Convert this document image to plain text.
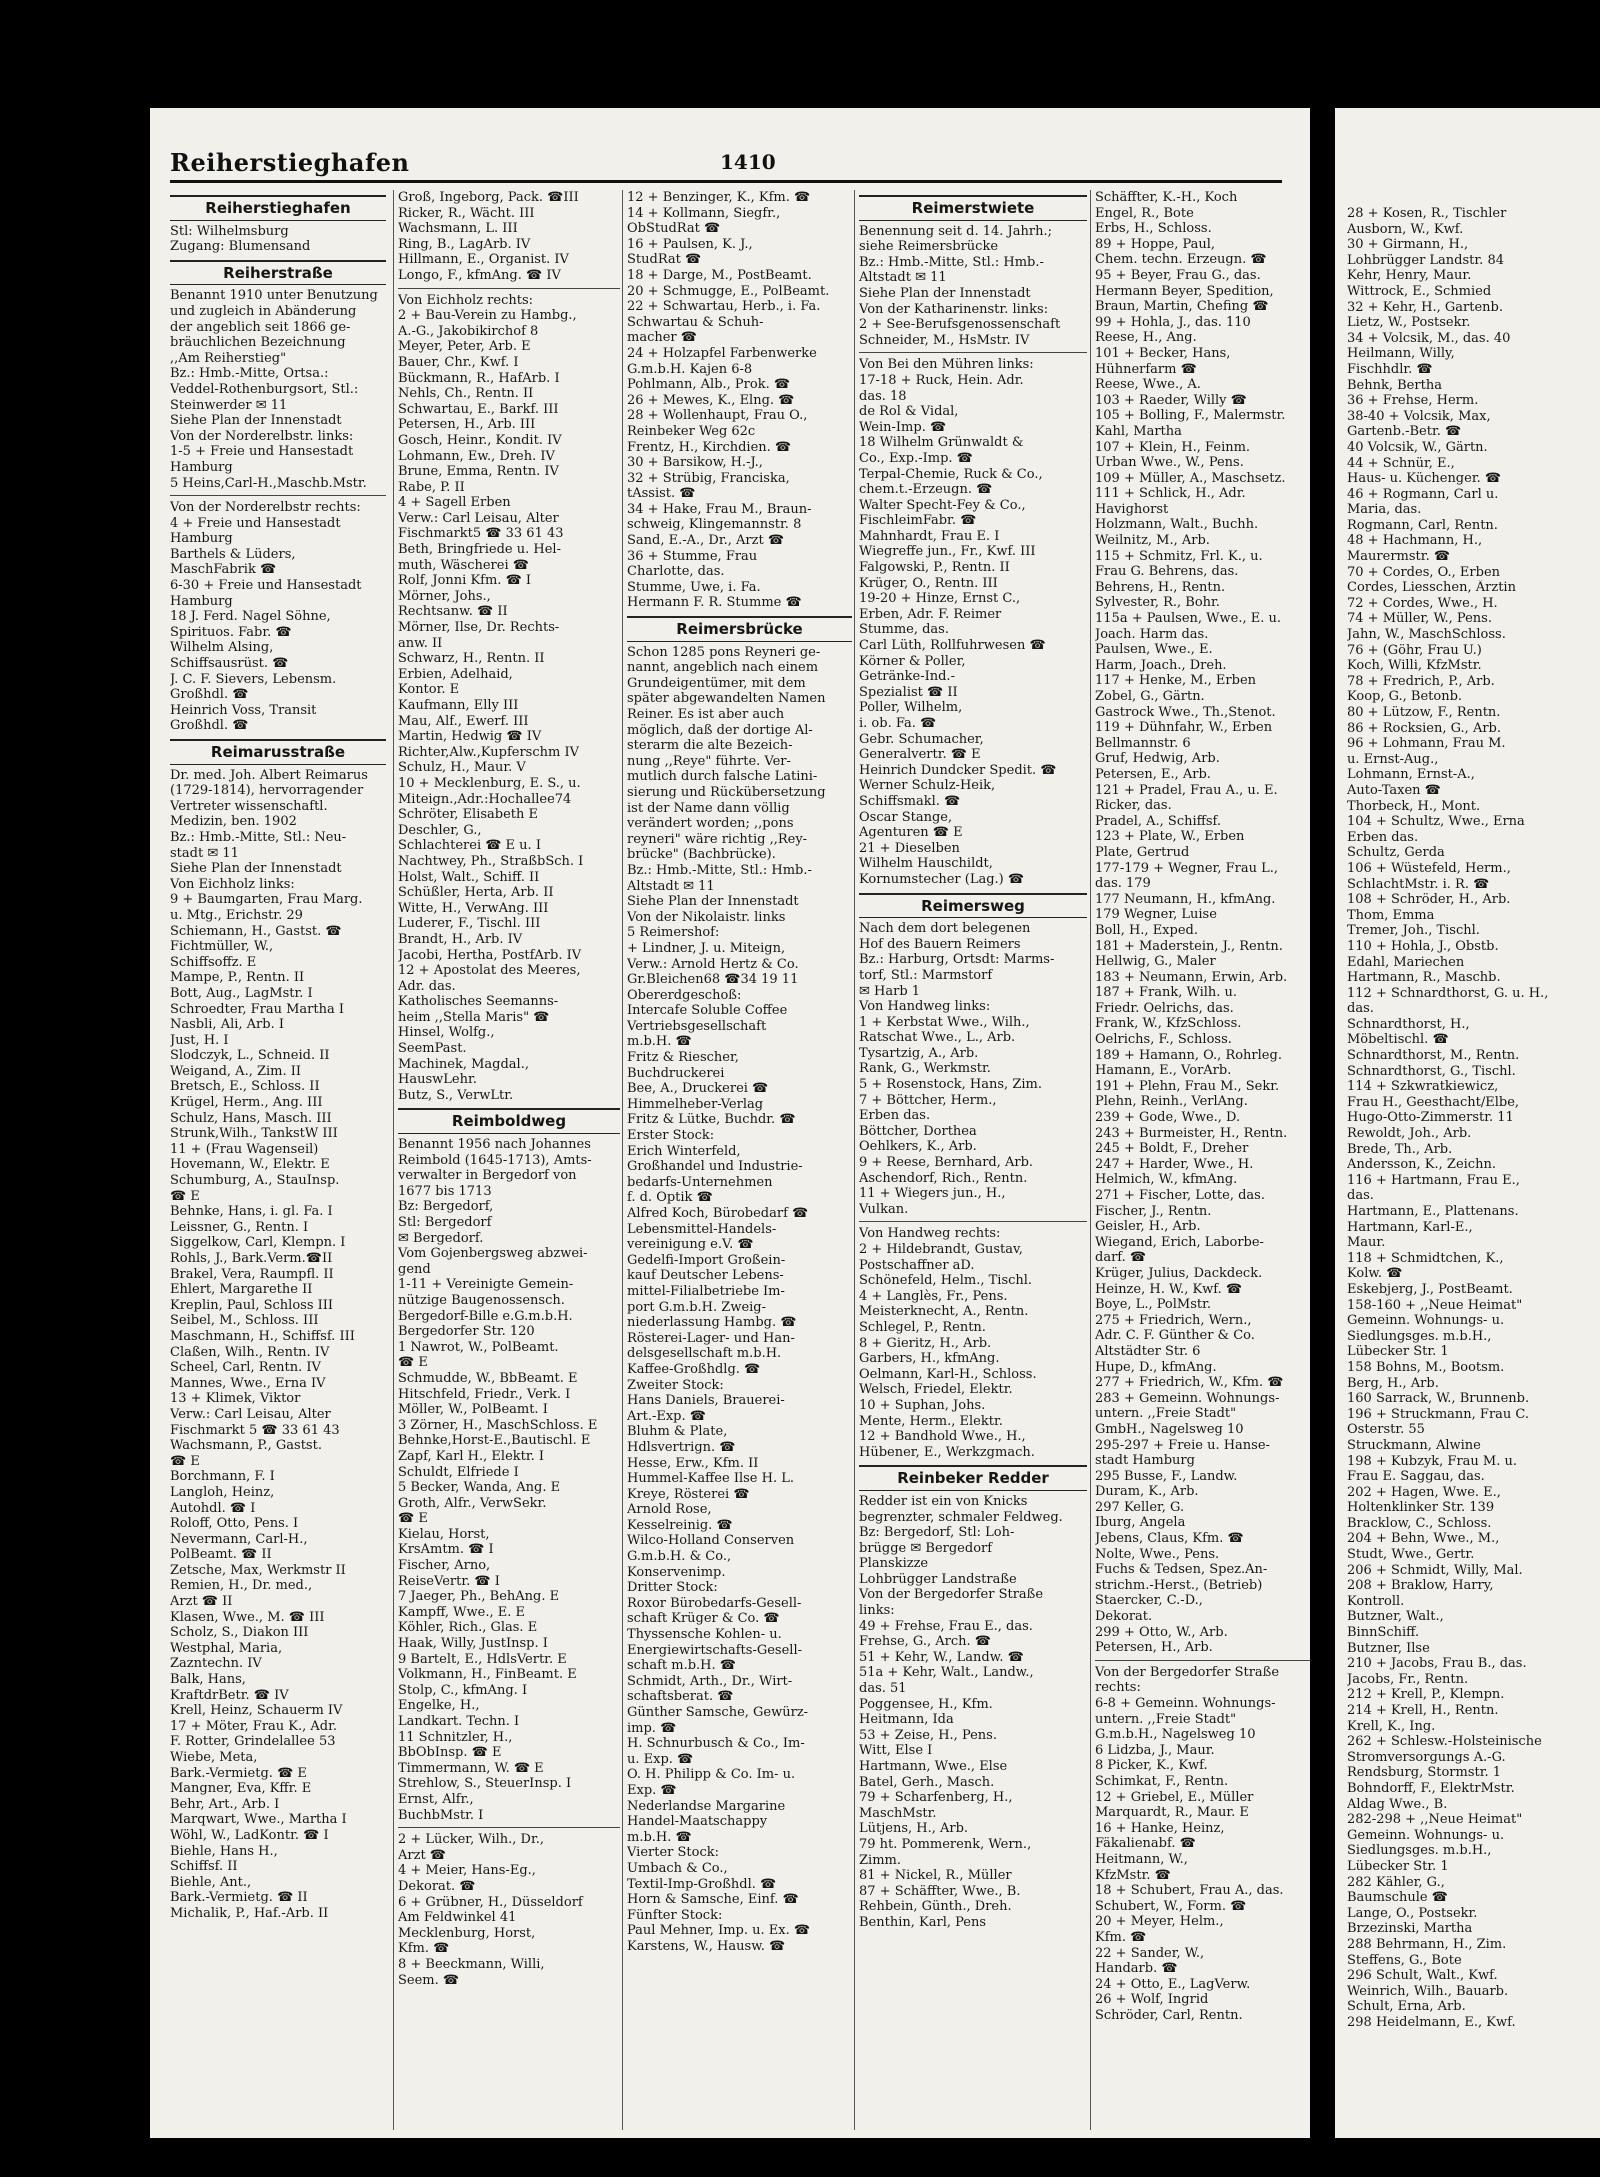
Reiherstieghafen	1410
Reiherstieghafen
Stl: Wilhelmsburg
Zugang: Blumensand
Reiherstraße
Benannt 1910 unter Benutzung
und zugleich in Abänderung
der angeblich seit 1866 ge-
bräuchlichen Bezeichnung
,,Am Reiherstieg"
Bz.: Hmb.-Mitte, Ortsa.:
Veddel-Rothenburgsort, Stl.:
Steinwerder ✉ 11
Siehe Plan der Innenstadt
Von der Norderelbstr. links:
1-5 + Freie und Hansestadt
Hamburg
5 Heins,Carl-H.,Maschb.Mstr.
Von der Norderelbstr rechts:
4 + Freie und Hansestadt
Hamburg
Barthels & Lüders,
MaschFabrik ☎
6-30 + Freie und Hansestadt
Hamburg
18 J. Ferd. Nagel Söhne,
Spirituos. Fabr. ☎
Wilhelm Alsing,
Schiffsausrüst. ☎
J. C. F. Sievers, Lebensm.
Großhdl. ☎
Heinrich Voss, Transit
Großhdl. ☎
Reimarusstraße
Dr. med. Joh. Albert Reimarus
(1729-1814), hervorragender
Vertreter wissenschaftl.
Medizin, ben. 1902
Bz.: Hmb.-Mitte, Stl.: Neu-
stadt ✉ 11
Siehe Plan der Innenstadt
Von Eichholz links:
9 + Baumgarten, Frau Marg.
u. Mtg., Erichstr. 29
Schiemann, H., Gastst. ☎
Fichtmüller, W.,
Schiffsoffz. E
Mampe, P., Rentn. II
Bott, Aug., LagMstr. I
Schroedter, Frau Martha I
Nasbli, Ali, Arb. I
Just, H. I
Slodczyk, L., Schneid. II
Weigand, A., Zim. II
Bretsch, E., Schloss. II
Krügel, Herm., Ang. III
Schulz, Hans, Masch. III
Strunk,Wilh., TankstW III
11 + (Frau Wagenseil)
Hovemann, W., Elektr. E
Schumburg, A., StauInsp.
☎ E
Behnke, Hans, i. gl. Fa. I
Leissner, G., Rentn. I
Siggelkow, Carl, Klempn. I
Rohls, J., Bark.Verm.☎II
Brakel, Vera, Raumpfl. II
Ehlert, Margarethe II
Kreplin, Paul, Schloss III
Seibel, M., Schloss. III
Maschmann, H., Schiffsf. III
Claßen, Wilh., Rentn. IV
Scheel, Carl, Rentn. IV
Mannes, Wwe., Erna IV
13 + Klimek, Viktor
Verw.: Carl Leisau, Alter
Fischmarkt 5 ☎ 33 61 43
Wachsmann, P., Gastst.
☎ E
Borchmann, F. I
Langloh, Heinz,
Autohdl. ☎ I
Roloff, Otto, Pens. I
Nevermann, Carl-H.,
PolBeamt. ☎ II
Zetsche, Max, Werkmstr II
Remien, H., Dr. med.,
Arzt ☎ II
Klasen, Wwe., M. ☎ III
Scholz, S., Diakon III
Westphal, Maria,
Zazntechn. IV
Balk, Hans,
KraftdrBetr. ☎ IV
Krell, Heinz, Schauerm IV
17 + Möter, Frau K., Adr.
F. Rotter, Grindelallee 53
Wiebe, Meta,
Bark.-Vermietg. ☎ E
Mangner, Eva, Kffr. E
Behr, Art., Arb. I
Marqwart, Wwe., Martha I
Wöhl, W., LadKontr. ☎ I
Biehle, Hans H.,
Schiffsf. II
Biehle, Ant.,
Bark.-Vermietg. ☎ II
Michalik, P., Haf.-Arb. II
Groß, Ingeborg, Pack. ☎III
Ricker, R., Wächt. III
Wachsmann, L. III
Ring, B., LagArb. IV
Hillmann, E., Organist. IV
Longo, F., kfmAng. ☎ IV
Von Eichholz rechts:
2 + Bau-Verein zu Hambg.,
A.-G., Jakobikirchof 8
Meyer, Peter, Arb. E
Bauer, Chr., Kwf. I
Bückmann, R., HafArb. I
Nehls, Ch., Rentn. II
Schwartau, E., Barkf. III
Petersen, H., Arb. III
Gosch, Heinr., Kondit. IV
Lohmann, Ew., Dreh. IV
Brune, Emma, Rentn. IV
Rabe, P. II
4 + Sagell Erben
Verw.: Carl Leisau, Alter
Fischmarkt5 ☎ 33 61 43
Beth, Bringfriede u. Hel-
muth, Wäscherei ☎
Rolf, Jonni Kfm. ☎ I
Mörner, Johs.,
Rechtsanw. ☎ II
Mörner, Ilse, Dr. Rechts-
anw. II
Schwarz, H., Rentn. II
Erbien, Adelhaid,
Kontor. E
Kaufmann, Elly III
Mau, Alf., Ewerf. III
Martin, Hedwig ☎ IV
Richter,Alw.,Kupferschm IV
Schulz, H., Maur. V
10 + Mecklenburg, E. S., u.
Miteign.,Adr.:Hochallee74
Schröter, Elisabeth E
Deschler, G.,
Schlachterei ☎ E u. I
Nachtwey, Ph., StraßbSch. I
Holst, Walt., Schiff. II
Schüßler, Herta, Arb. II
Witte, H., VerwAng. III
Luderer, F., Tischl. III
Brandt, H., Arb. IV
Jacobi, Hertha, PostfArb. IV
12 + Apostolat des Meeres,
Adr. das.
Katholisches Seemanns-
heim ,,Stella Maris" ☎
Hinsel, Wolfg.,
SeemPast.
Machinek, Magdal.,
HauswLehr.
Butz, S., VerwLtr.
Reimboldweg
Benannt 1956 nach Johannes
Reimbold (1645-1713), Amts-
verwalter in Bergedorf von
1677 bis 1713
Bz: Bergedorf,
Stl: Bergedorf
✉ Bergedorf.
Vom Gojenbergsweg abzwei-
gend
1-11 + Vereinigte Gemein-
nützige Baugenossensch.
Bergedorf-Bille e.G.m.b.H.
Bergedorfer Str. 120
1 Nawrot, W., PolBeamt.
☎ E
Schmudde, W., BbBeamt. E
Hitschfeld, Friedr., Verk. I
Möller, W., PolBeamt. I
3 Zörner, H., MaschSchloss. E
Behnke,Horst-E.,Bautischl. E
Zapf, Karl H., Elektr. I
Schuldt, Elfriede I
5 Becker, Wanda, Ang. E
Groth, Alfr., VerwSekr.
☎ E
Kielau, Horst,
KrsAmtm. ☎ I
Fischer, Arno,
ReiseVertr. ☎ I
7 Jaeger, Ph., BehAng. E
Kampff, Wwe., E. E
Köhler, Rich., Glas. E
Haak, Willy, JustInsp. I
9 Bartelt, E., HdlsVertr. E
Volkmann, H., FinBeamt. E
Stolp, C., kfmAng. I
Engelke, H.,
Landkart. Techn. I
11 Schnitzler, H.,
BbObInsp. ☎ E
Timmermann, W. ☎ E
Strehlow, S., SteuerInsp. I
Ernst, Alfr.,
BuchbMstr. I
2 + Lücker, Wilh., Dr.,
Arzt ☎
4 + Meier, Hans-Eg.,
Dekorat. ☎
6 + Grübner, H., Düsseldorf
Am Feldwinkel 41
Mecklenburg, Horst,
Kfm. ☎
8 + Beeckmann, Willi,
Seem. ☎
12 + Benzinger, K., Kfm. ☎
14 + Kollmann, Siegfr.,
ObStudRat ☎
16 + Paulsen, K. J.,
StudRat ☎
18 + Darge, M., PostBeamt.
20 + Schmugge, E., PolBeamt.
22 + Schwartau, Herb., i. Fa.
Schwartau & Schuh-
macher ☎
24 + Holzapfel Farbenwerke
G.m.b.H. Kajen 6-8
Pohlmann, Alb., Prok. ☎
26 + Mewes, K., Elng. ☎
28 + Wollenhaupt, Frau O.,
Reinbeker Weg 62c
Frentz, H., Kirchdien. ☎
30 + Barsikow, H.-J.,
32 + Strübig, Franciska,
tAssist. ☎
34 + Hake, Frau M., Braun-
schweig, Klingemannstr. 8
Sand, E.-A., Dr., Arzt ☎
36 + Stumme, Frau
Charlotte, das.
Stumme, Uwe, i. Fa.
Hermann F. R. Stumme ☎
Reimersbrücke
Schon 1285 pons Reyneri ge-
nannt, angeblich nach einem
Grundeigentümer, mit dem
später abgewandelten Namen
Reiner. Es ist aber auch
möglich, daß der dortige Al-
sterarm die alte Bezeich-
nung ,,Reye" führte. Ver-
mutlich durch falsche Latini-
sierung und Rückübersetzung
ist der Name dann völlig
verändert worden; ,,pons
reyneri" wäre richtig ,,Rey-
brücke" (Bachbrücke).
Bz.: Hmb.-Mitte, Stl.: Hmb.-
Altstadt ✉ 11
Siehe Plan der Innenstadt
Von der Nikolaistr. links
5 Reimershof:
+ Lindner, J. u. Miteign,
Verw.: Arnold Hertz & Co.
Gr.Bleichen68 ☎34 19 11
Obererdgeschoß:
Intercafe Soluble Coffee
Vertriebsgesellschaft
m.b.H. ☎
Fritz & Riescher,
Buchdruckerei
Bee, A., Druckerei ☎
Himmelheber-Verlag
Fritz & Lütke, Buchdr. ☎
Erster Stock:
Erich Winterfeld,
Großhandel und Industrie-
bedarfs-Unternehmen
f. d. Optik ☎
Alfred Koch, Bürobedarf ☎
Lebensmittel-Handels-
vereinigung e.V. ☎
Gedelfi-Import Großein-
kauf Deutscher Lebens-
mittel-Filialbetriebe Im-
port G.m.b.H. Zweig-
niederlassung Hambg. ☎
Rösterei-Lager- und Han-
delsgesellschaft m.b.H.
Kaffee-Großhdlg. ☎
Zweiter Stock:
Hans Daniels, Brauerei-
Art.-Exp. ☎
Bluhm & Plate,
Hdlsvertrign. ☎
Hesse, Erw., Kfm. II
Hummel-Kaffee Ilse H. L.
Kreye, Rösterei ☎
Arnold Rose,
Kesselreinig. ☎
Wilco-Holland Conserven
G.m.b.H. & Co.,
Konservenimp.
Dritter Stock:
Roxor Bürobedarfs-Gesell-
schaft Krüger & Co. ☎
Thyssensche Kohlen- u.
Energiewirtschafts-Gesell-
schaft m.b.H. ☎
Schmidt, Arth., Dr., Wirt-
schaftsberat. ☎
Günther Samsche, Gewürz-
imp. ☎
H. Schnurbusch & Co., Im-
u. Exp. ☎
O. H. Philipp & Co. Im- u.
Exp. ☎
Nederlandse Margarine
Handel-Maatschappy
m.b.H. ☎
Vierter Stock:
Umbach & Co.,
Textil-Imp-Großhdl. ☎
Horn & Samsche, Einf. ☎
Fünfter Stock:
Paul Mehner, Imp. u. Ex. ☎
Karstens, W., Hausw. ☎
Reimerstwiete
Benennung seit d. 14. Jahrh.;
siehe Reimersbrücke
Bz.: Hmb.-Mitte, Stl.: Hmb.-
Altstadt ✉ 11
Siehe Plan der Innenstadt
Von der Katharinenstr. links:
2 + See-Berufsgenossenschaft
Schneider, M., HsMstr. IV
Von Bei den Mühren links:
17-18 + Ruck, Hein. Adr.
das. 18
de Rol & Vidal,
Wein-Imp. ☎
18 Wilhelm Grünwaldt &
Co., Exp.-Imp. ☎
Terpal-Chemie, Ruck & Co.,
chem.t.-Erzeugn. ☎
Walter Specht-Fey & Co.,
FischleimFabr. ☎
Mahnhardt, Frau E. I
Wiegreffe jun., Fr., Kwf. III
Falgowski, P., Rentn. II
Krüger, O., Rentn. III
19-20 + Hinze, Ernst C.,
Erben, Adr. F. Reimer
Stumme, das.
Carl Lüth, Rollfuhrwesen ☎
Körner & Poller,
Getränke-Ind.-
Spezialist ☎ II
Poller, Wilhelm,
i. ob. Fa. ☎
Gebr. Schumacher,
Generalvertr. ☎ E
Heinrich Dundcker Spedit. ☎
Werner Schulz-Heik,
Schiffsmakl. ☎
Oscar Stange,
Agenturen ☎ E
21 + Dieselben
Wilhelm Hauschildt,
Kornumstecher (Lag.) ☎
Reimersweg
Nach dem dort belegenen
Hof des Bauern Reimers
Bz.: Harburg, Ortsdt: Marms-
torf, Stl.: Marmstorf
✉ Harb 1
Von Handweg links:
1 + Kerbstat Wwe., Wilh.,
Ratschat Wwe., L., Arb.
Tysartzig, A., Arb.
Rank, G., Werkmstr.
5 + Rosenstock, Hans, Zim.
7 + Böttcher, Herm.,
Erben das.
Böttcher, Dorthea
Oehlkers, K., Arb.
9 + Reese, Bernhard, Arb.
Aschendorf, Rich., Rentn.
11 + Wiegers jun., H.,
Vulkan.
Von Handweg rechts:
2 + Hildebrandt, Gustav,
Postschaffner aD.
Schönefeld, Helm., Tischl.
4 + Langlès, Fr., Pens.
Meisterknecht, A., Rentn.
Schlegel, P., Rentn.
8 + Gieritz, H., Arb.
Garbers, H., kfmAng.
Oelmann, Karl-H., Schloss.
Welsch, Friedel, Elektr.
10 + Suphan, Johs.
Mente, Herm., Elektr.
12 + Bandhold Wwe., H.,
Hübener, E., Werkzgmach.
Reinbeker Redder
Redder ist ein von Knicks
begrenzter, schmaler Feldweg.
Bz: Bergedorf, Stl: Loh-
brügge ✉ Bergedorf
Planskizze
Lohbrügger Landstraße
Von der Bergedorfer Straße
links:
49 + Frehse, Frau E., das.
Frehse, G., Arch. ☎
51 + Kehr, W., Landw. ☎
51a + Kehr, Walt., Landw.,
das. 51
Poggensee, H., Kfm.
Heitmann, Ida
53 + Zeise, H., Pens.
Witt, Else I
Hartmann, Wwe., Else
Batel, Gerh., Masch.
79 + Scharfenberg, H.,
MaschMstr.
Lütjens, H., Arb.
79 ht. Pommerenk, Wern.,
Zimm.
81 + Nickel, R., Müller
87 + Schäffter, Wwe., B.
Rehbein, Günth., Dreh.
Benthin, Karl, Pens
Schäffter, K.-H., Koch
Engel, R., Bote
Erbs, H., Schloss.
89 + Hoppe, Paul,
Chem. techn. Erzeugn. ☎
95 + Beyer, Frau G., das.
Hermann Beyer, Spedition,
Braun, Martin, Chefing ☎
99 + Hohla, J., das. 110
Reese, H., Ang.
101 + Becker, Hans,
Hühnerfarm ☎
Reese, Wwe., A.
103 + Raeder, Willy ☎
105 + Bolling, F., Malermstr.
Kahl, Martha
107 + Klein, H., Feinm.
Urban Wwe., W., Pens.
109 + Müller, A., Maschsetz.
111 + Schlick, H., Adr.
Havighorst
Holzmann, Walt., Buchh.
Weilnitz, M., Arb.
115 + Schmitz, Frl. K., u.
Frau G. Behrens, das.
Behrens, H., Rentn.
Sylvester, R., Bohr.
115a + Paulsen, Wwe., E. u.
Joach. Harm das.
Paulsen, Wwe., E.
Harm, Joach., Dreh.
117 + Henke, M., Erben
Zobel, G., Gärtn.
Gastrock Wwe., Th.,Stenot.
119 + Dühnfahr, W., Erben
Bellmannstr. 6
Gruf, Hedwig, Arb.
Petersen, E., Arb.
121 + Pradel, Frau A., u. E.
Ricker, das.
Pradel, A., Schiffsf.
123 + Plate, W., Erben
Plate, Gertrud
177-179 + Wegner, Frau L.,
das. 179
177 Neumann, H., kfmAng.
179 Wegner, Luise
Boll, H., Exped.
181 + Maderstein, J., Rentn.
Hellwig, G., Maler
183 + Neumann, Erwin, Arb.
187 + Frank, Wilh. u.
Friedr. Oelrichs, das.
Frank, W., KfzSchloss.
Oelrichs, F., Schloss.
189 + Hamann, O., Rohrleg.
Hamann, E., VorArb.
191 + Plehn, Frau M., Sekr.
Plehn, Reinh., VerlAng.
239 + Gode, Wwe., D.
243 + Burmeister, H., Rentn.
245 + Boldt, F., Dreher
247 + Harder, Wwe., H.
Helmich, W., kfmAng.
271 + Fischer, Lotte, das.
Fischer, J., Rentn.
Geisler, H., Arb.
Wiegand, Erich, Laborbe-
darf. ☎
Krüger, Julius, Dackdeck.
Heinze, H. W., Kwf. ☎
Boye, L., PolMstr.
275 + Friedrich, Wern.,
Adr. C. F. Günther & Co.
Altstädter Str. 6
Hupe, D., kfmAng.
277 + Friedrich, W., Kfm. ☎
283 + Gemeinn. Wohnungs-
untern. ,,Freie Stadt"
GmbH., Nagelsweg 10
295-297 + Freie u. Hanse-
stadt Hamburg
295 Busse, F., Landw.
Duram, K., Arb.
297 Keller, G.
Iburg, Angela
Jebens, Claus, Kfm. ☎
Nolte, Wwe., Pens.
Fuchs & Tedsen, Spez.An-
strichm.-Herst., (Betrieb)
Staercker, C.-D.,
Dekorat.
299 + Otto, W., Arb.
Petersen, H., Arb.
Von der Bergedorfer Straße
rechts:
6-8 + Gemeinn. Wohnungs-
untern. ,,Freie Stadt"
G.m.b.H., Nagelsweg 10
6 Lidzba, J., Maur.
8 Picker, K., Kwf.
Schimkat, F., Rentn.
12 + Griebel, E., Müller
Marquardt, R., Maur. E
16 + Hanke, Heinz,
Fäkalienabf. ☎
Heitmann, W.,
KfzMstr. ☎
18 + Schubert, Frau A., das.
Schubert, W., Form. ☎
20 + Meyer, Helm.,
Kfm. ☎
22 + Sander, W.,
Handarb. ☎
24 + Otto, E., LagVerw.
26 + Wolf, Ingrid
Schröder, Carl, Rentn.
28 + Kosen, R., Tischler
Ausborn, W., Kwf.
30 + Girmann, H.,
Lohbrügger Landstr. 84
Kehr, Henry, Maur.
Wittrock, E., Schmied
32 + Kehr, H., Gartenb.
Lietz, W., Postsekr.
34 + Volcsik, M., das. 40
Heilmann, Willy,
Fischhdlr. ☎
Behnk, Bertha
36 + Frehse, Herm.
38-40 + Volcsik, Max,
Gartenb.-Betr. ☎
40 Volcsik, W., Gärtn.
44 + Schnür, E.,
Haus- u. Küchenger. ☎
46 + Rogmann, Carl u.
Maria, das.
Rogmann, Carl, Rentn.
48 + Hachmann, H.,
Maurermstr. ☎
70 + Cordes, O., Erben
Cordes, Liesschen, Ärztin
72 + Cordes, Wwe., H.
74 + Müller, W., Pens.
Jahn, W., MaschSchloss.
76 + (Göhr, Frau U.)
Koch, Willi, KfzMstr.
78 + Fredrich, P., Arb.
Koop, G., Betonb.
80 + Lützow, F., Rentn.
86 + Rocksien, G., Arb.
96 + Lohmann, Frau M.
u. Ernst-Aug.,
Lohmann, Ernst-A.,
Auto-Taxen ☎
Thorbeck, H., Mont.
104 + Schultz, Wwe., Erna
Erben das.
Schultz, Gerda
106 + Wüstefeld, Herm.,
SchlachtMstr. i. R. ☎
108 + Schröder, H., Arb.
Thom, Emma
Tremer, Joh., Tischl.
110 + Hohla, J., Obstb.
Edahl, Mariechen
Hartmann, R., Maschb.
112 + Schnardthorst, G. u. H.,
das.
Schnardthorst, H.,
Möbeltischl. ☎
Schnardthorst, M., Rentn.
Schnardthorst, G., Tischl.
114 + Szkwratkiewicz,
Frau H., Geesthacht/Elbe,
Hugo-Otto-Zimmerstr. 11
Rewoldt, Joh., Arb.
Brede, Th., Arb.
Andersson, K., Zeichn.
116 + Hartmann, Frau E.,
das.
Hartmann, E., Plattenans.
Hartmann, Karl-E.,
Maur.
118 + Schmidtchen, K.,
Kolw. ☎
Eskebjerg, J., PostBeamt.
158-160 + ,,Neue Heimat"
Gemeinn. Wohnungs- u.
Siedlungsges. m.b.H.,
Lübecker Str. 1
158 Bohns, M., Bootsm.
Berg, H., Arb.
160 Sarrack, W., Brunnenb.
196 + Struckmann, Frau C.
Osterstr. 55
Struckmann, Alwine
198 + Kubzyk, Frau M. u.
Frau E. Saggau, das.
202 + Hagen, Wwe. E.,
Holtenklinker Str. 139
Bracklow, C., Schloss.
204 + Behn, Wwe., M.,
Studt, Wwe., Gertr.
206 + Schmidt, Willy, Mal.
208 + Braklow, Harry,
Kontroll.
Butzner, Walt.,
BinnSchiff.
Butzner, Ilse
210 + Jacobs, Frau B., das.
Jacobs, Fr., Rentn.
212 + Krell, P., Klempn.
214 + Krell, H., Rentn.
Krell, K., Ing.
262 + Schlesw.-Holsteinische
Stromversorgungs A.-G.
Rendsburg, Stormstr. 1
Bohndorff, F., ElektrMstr.
Aldag Wwe., B.
282-298 + ,,Neue Heimat"
Gemeinn. Wohnungs- u.
Siedlungsges. m.b.H.,
Lübecker Str. 1
282 Kähler, G.,
Baumschule ☎
Lange, O., Postsekr.
Brzezinski, Martha
288 Behrmann, H., Zim.
Steffens, G., Bote
296 Schult, Walt., Kwf.
Weinrich, Wilh., Bauarb.
Schult, Erna, Arb.
298 Heidelmann, E., Kwf.
